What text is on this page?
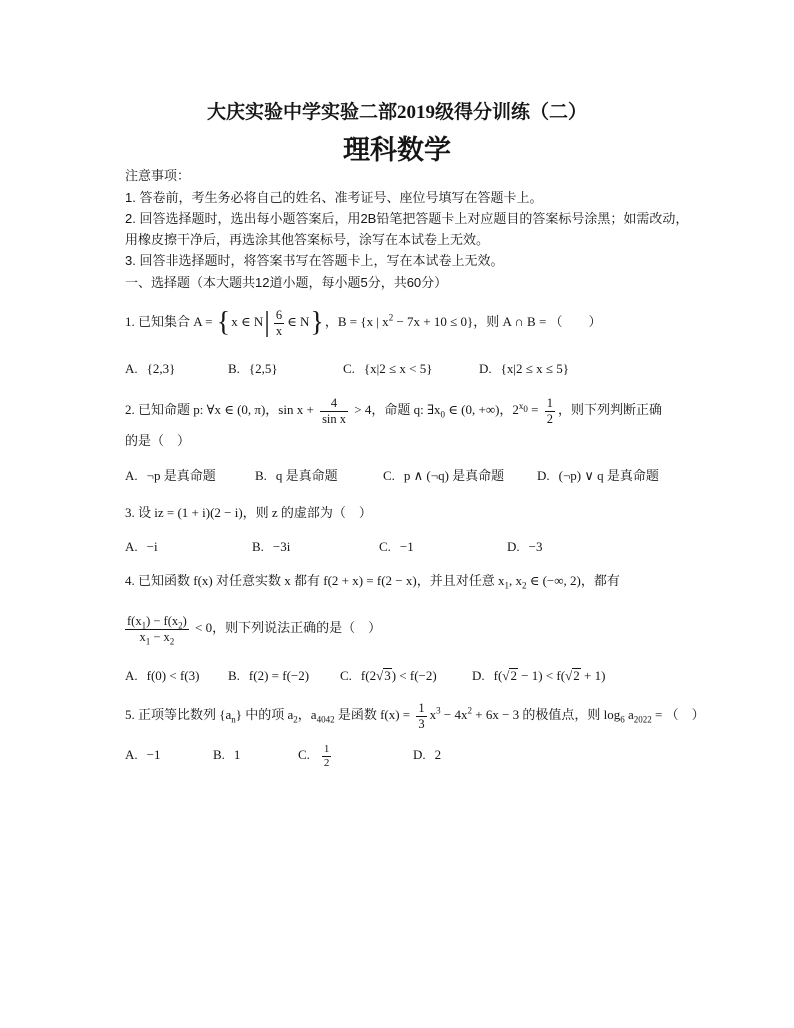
大庆实验中学实验二部2019级得分训练（二）
理科数学
注意事项：
1. 答卷前，考生务必将自己的姓名、准考证号、座位号填写在答题卡上。
2. 回答选择题时，选出每小题答案后，用2B铅笔把答题卡上对应题目的答案标号涂黑；如需改动，
用橡皮擦干净后，再选涂其他答案标号，涂写在本试卷上无效。
3. 回答非选择题时，将答案书写在答题卡上，写在本试卷上无效。
一、选择题（本大题共12道小题，每小题5分，共60分）
1. 已知集合 A = {x ∈ $N| \frac{6}{x}$ ∈ N}，B = {x | $x^2 - 7x + 10 \le 0$}，则 A ∩ B = （　　）
A. {2,3}	B. {2,5}	C. {x|2 ≤ x < 5}	D. {x|2 ≤ x ≤ 5}
2. 已知命题 p: ∀x ∈ (0, π)，$\sin x + \frac{4}{\text{sin x}} > 4$，命题 q: $\exists x_0$ ∈ (0, +∞)，$2^{x_0} = \frac{1}{2}$ ，则下列判断正确
的是（　）
A. ¬p 是真命题	B. q 是真命题	C. p ∧ (¬q) 是真命题	D. (¬p) ∨ q 是真命题
3. 设 iz = (1 + i)(2 − i)，则 z 的虚部为（　）
A. −i	B. −3i	C. −1	D. −3
4. 已知函数 f(x) 对任意实数 x 都有 f(2 + x) = f(2 − x)，并且对任意 $x_1$, $x_2$ ∈ (−∞, 2)，都有
$\frac{f(x_1) - f(x_2)}{x_1 - x_2} < 0$，则下列说法正确的是（　）
A. f(0) < f(3) B. f(2) = f(−2) C. f(2√3) < f(−2)	D. f(√2 − 1) < f(√2 + 1)
5. 正项等比数列 $\{a_n\}$ 中的项 $a_2$，$a_{4042}$ 是函数 $f(x) = \frac{1}{3} x^3 - 4x^2 + 6x - 3$ 的极值点，则 $\log_6 a_{2022}$ = （　）
A. −1	B. 1	C. $\frac{1}{2}$	D. 2
